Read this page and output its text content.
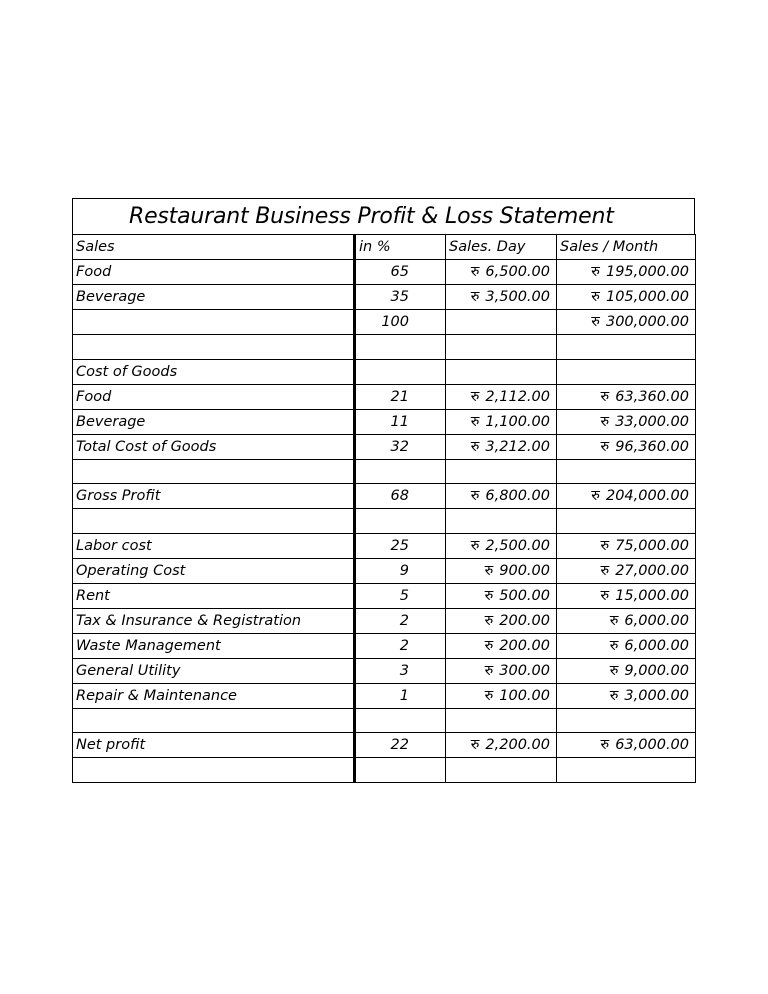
Restaurant Business Profit & Loss Statement
Sales	in %	Sales. Day	Sales / Month
Food	65	रु 6,500.00	रु 195,000.00
Beverage	35	रु 3,500.00	रु 105,000.00
	100		रु 300,000.00

Cost of Goods			
Food	21	रु 2,112.00	रु 63,360.00
Beverage	11	रु 1,100.00	रु 33,000.00
Total Cost of Goods	32	रु 3,212.00	रु 96,360.00

Gross Profit	68	रु 6,800.00	रु 204,000.00

Labor cost	25	रु 2,500.00	रु 75,000.00
Operating Cost	9	रु 900.00	रु 27,000.00
Rent	5	रु 500.00	रु 15,000.00
Tax & Insurance & Registration	2	रु 200.00	रु 6,000.00
Waste Management	2	रु 200.00	रु 6,000.00
General Utility	3	रु 300.00	रु 9,000.00
Repair & Maintenance	1	रु 100.00	रु 3,000.00

Net profit	22	रु 2,200.00	रु 63,000.00
